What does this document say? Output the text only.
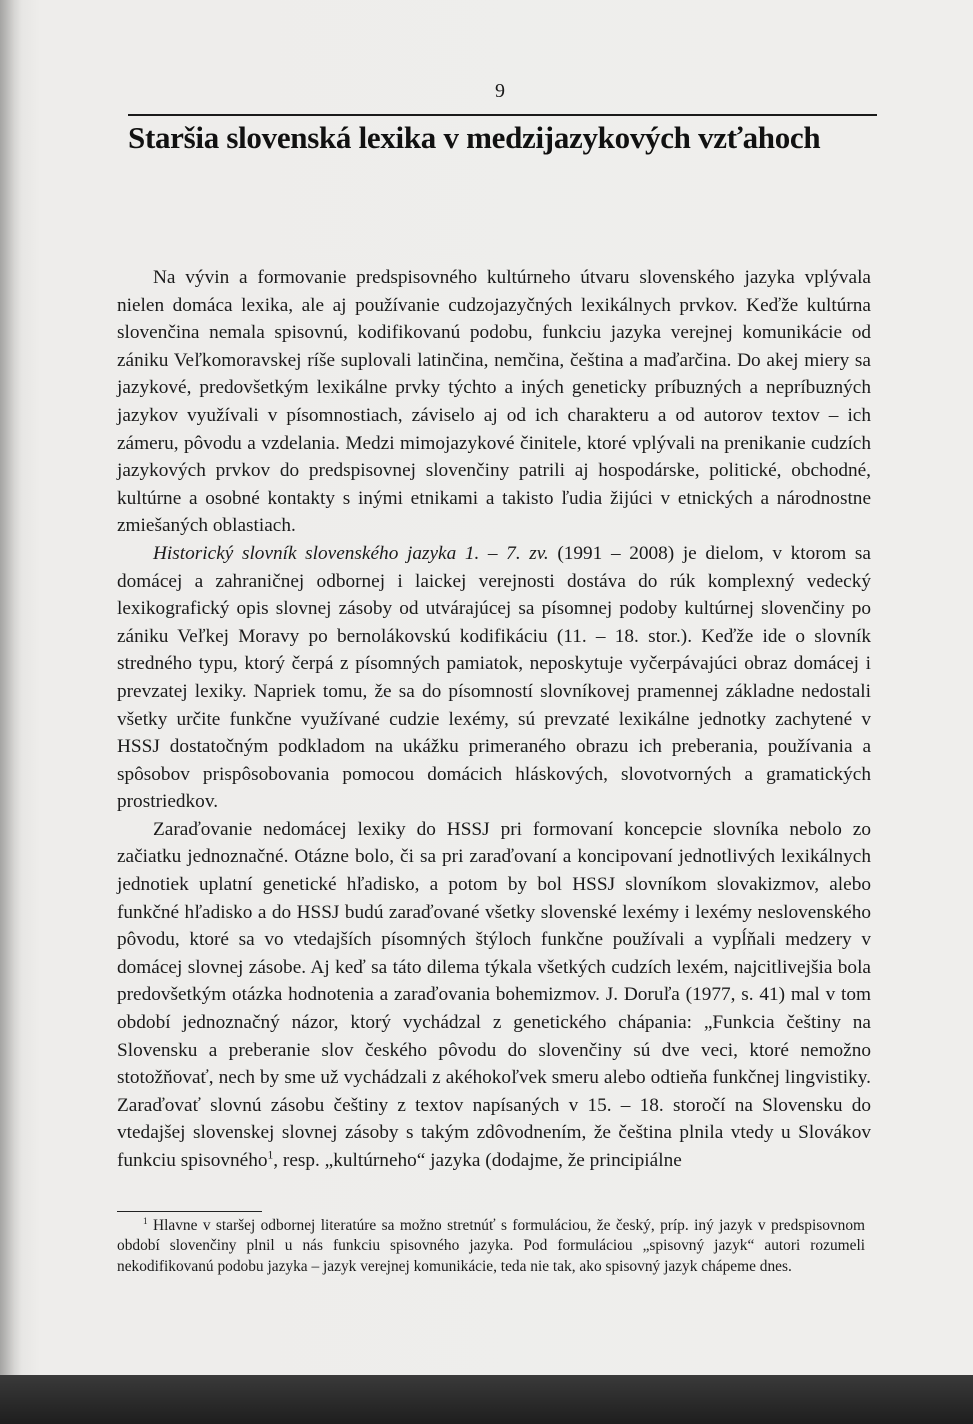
9
Staršia slovenská lexika v medzijazykových vzťahoch

Na vývin a formovanie predspisovného kultúrneho útvaru slovenského jazyka vplývala nielen domáca lexika, ale aj používanie cudzojazyčných lexikálnych prvkov. Keďže kultúrna slovenčina nemala spisovnú, kodifikovanú podobu, funkciu jazyka verejnej komunikácie od zániku Veľkomoravskej ríše suplovali latinčina, nemčina, čeština a maďarčina. Do akej miery sa jazykové, predovšetkým lexikálne prvky týchto a iných geneticky príbuzných a nepríbuzných jazykov využívali v písomnostiach, záviselo aj od ich charakteru a od autorov textov – ich zámeru, pôvodu a vzdelania. Medzi mimojazykové činitele, ktoré vplývali na prenikanie cudzích jazykových prvkov do predspisovnej slovenčiny patrili aj hospodárske, politické, obchodné, kultúrne a osobné kontakty s inými etnikami a takisto ľudia žijúci v etnických a národnostne zmiešaných oblastiach.

Historický slovník slovenského jazyka 1. – 7. zv. (1991 – 2008) je dielom, v ktorom sa domácej a zahraničnej odbornej i laickej verejnosti dostáva do rúk komplexný vedecký lexikografický opis slovnej zásoby od utvárajúcej sa písomnej podoby kultúrnej slovenčiny po zániku Veľkej Moravy po bernolákovskú kodifikáciu (11. – 18. stor.). Keďže ide o slovník stredného typu, ktorý čerpá z písomných pamiatok, neposkytuje vyčerpávajúci obraz domácej i prevzatej lexiky. Napriek tomu, že sa do písomností slovníkovej pramennej základne nedostali všetky určite funkčne využívané cudzie lexémy, sú prevzaté lexikálne jednotky zachytené v HSSJ dostatočným podkladom na ukážku primeraného obrazu ich preberania, používania a spôsobov prispôsobovania pomocou domácich hláskových, slovotvorných a gramatických prostriedkov.

Zaraďovanie nedomácej lexiky do HSSJ pri formovaní koncepcie slovníka nebolo zo začiatku jednoznačné. Otázne bolo, či sa pri zaraďovaní a koncipovaní jednotlivých lexikálnych jednotiek uplatní genetické hľadisko, a potom by bol HSSJ slovníkom slovakizmov, alebo funkčné hľadisko a do HSSJ budú zaraďované všetky slovenské lexémy i lexémy neslovenského pôvodu, ktoré sa vo vtedajších písomných štýloch funkčne používali a vypĺňali medzery v domácej slovnej zásobe. Aj keď sa táto dilema týkala všetkých cudzích lexém, najcitlivejšia bola predovšetkým otázka hodnotenia a zaraďovania bohemizmov. J. Doruľa (1977, s. 41) mal v tom období jednoznačný názor, ktorý vychádzal z genetického chápania: „Funkcia češtiny na Slovensku a preberanie slov českého pôvodu do slovenčiny sú dve veci, ktoré nemožno stotožňovať, nech by sme už vychádzali z akéhokoľvek smeru alebo odtieňa funkčnej lingvistiky. Zaraďovať slovnú zásobu češtiny z textov napísaných v 15. – 18. storočí na Slovensku do vtedajšej slovenskej slovnej zásoby s takým zdôvodnením, že čeština plnila vtedy u Slovákov funkciu spisovného$^1$, resp. „kultúrneho“ jazyka (dodajme, že principiálne

$^1$ Hlavne v staršej odbornej literatúre sa možno stretnúť s formuláciou, že český, príp. iný jazyk v predspisovnom období slovenčiny plnil u nás funkciu spisovného jazyka. Pod formuláciou „spisovný jazyk“ autori rozumeli nekodifikovanú podobu jazyka – jazyk verejnej komunikácie, teda nie tak, ako spisovný jazyk chápeme dnes.
